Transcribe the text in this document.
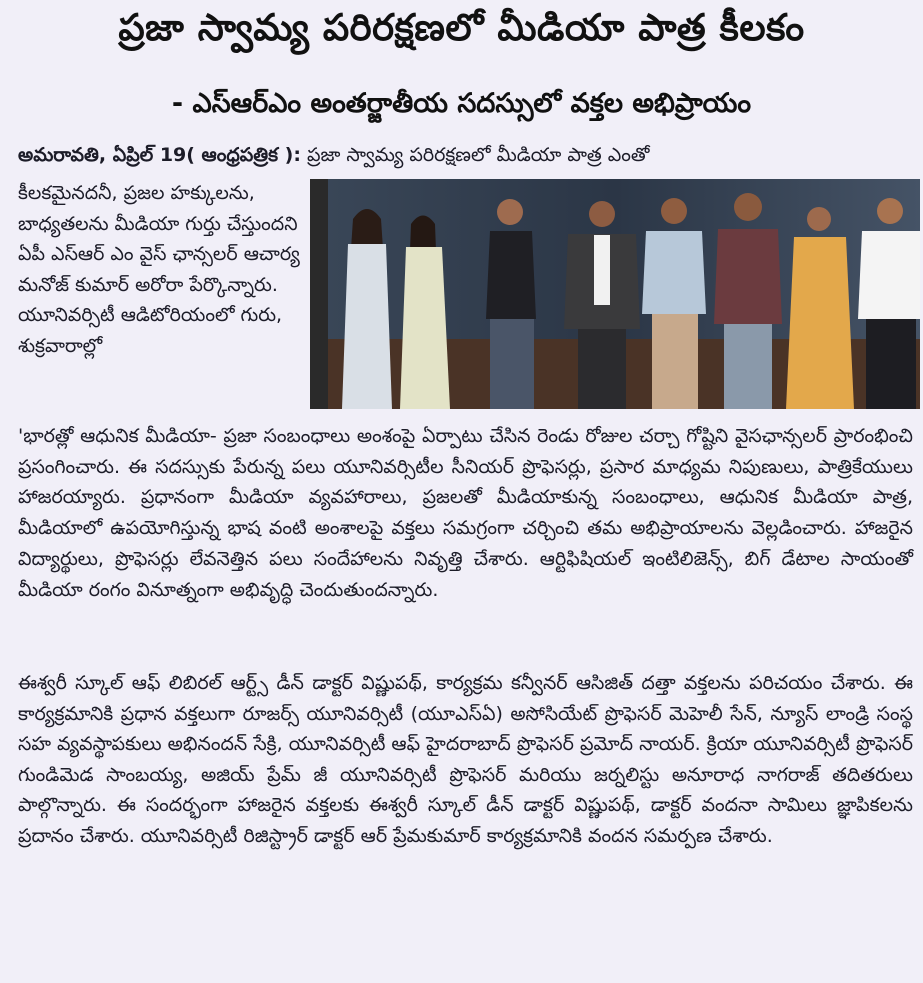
ప్రజా స్వామ్య పరిరక్షణలో మీడియా పాత్ర కీలకం
- ఎస్ఆర్ఎం అంతర్జాతీయ సదస్సులో వక్తల అభిప్రాయం
అమరావతి, ఏప్రిల్ 19( ఆంధ్రపత్రిక ): ప్రజా స్వామ్య పరిరక్షణలో మీడియా పాత్ర ఎంతో
కీలకమైనదనీ, ప్రజల హక్కులను, బాధ్యతలను మీడియా గుర్తు చేస్తుందని ఏపీ ఎస్ఆర్ ఎం వైస్ ఛాన్సలర్ ఆచార్య మనోజ్ కుమార్ అరోరా పేర్కొన్నారు. యూనివర్సిటీ ఆడిటోరియంలో గురు, శుక్రవారాల్లో
'భారత్లో ఆధునిక మీడియా- ప్రజా సంబంధాలు అంశంపై ఏర్పాటు చేసిన రెండు రోజుల చర్చా గోష్టిని వైసఛాన్సలర్ ప్రారంభించి ప్రసంగించారు. ఈ సదస్సుకు పేరున్న పలు యూనివర్సిటీల సీనియర్ ప్రొఫెసర్లు, ప్రసార మాధ్యమ నిపుణులు, పాత్రికేయులు హాజరయ్యారు. ప్రధానంగా మీడియా వ్యవహారాలు, ప్రజలతో మీడియాకున్న సంబంధాలు, ఆధునిక మీడియా పాత్ర, మీడియాలో ఉపయోగిస్తున్న భాష వంటి అంశాలపై వక్తలు సమగ్రంగా చర్చించి తమ అభిప్రాయాలను వెల్లడించారు. హాజరైన విద్యార్థులు, ప్రొఫెసర్లు లేవనెత్తిన పలు సందేహాలను నివృత్తి చేశారు. ఆర్టిఫిషియల్ ఇంటిలిజెన్స్, బిగ్ డేటాల సాయంతో మీడియా రంగం వినూత్నంగా అభివృద్ధి చెందుతుందన్నారు.
ఈశ్వరీ స్కూల్ ఆఫ్ లిబిరల్ ఆర్ట్స్ డీన్ డాక్టర్ విష్ణుపథ్, కార్యక్రమ కన్వీనర్ ఆసిజిత్ దత్తా వక్తలను పరిచయం చేశారు. ఈ కార్యక్రమానికి ప్రధాన వక్తలుగా రూజర్స్ యూనివర్సిటీ (యూఎస్ఏ) అసోసియేట్ ప్రొఫెసర్ మెహెలీ సేన్, న్యూస్ లాండ్రి సంస్థ సహ వ్యవస్థాపకులు అభినందన్ సేక్రి, యూనివర్సిటీ ఆఫ్ హైదరాబాద్ ప్రొఫెసర్ ప్రమోద్ నాయర్. క్రియా యూనివర్సిటీ ప్రొఫెసర్ గుండిమెడ సాంబయ్య, అజియ్ ప్రేమ్ జీ యూనివర్సిటీ ప్రొఫెసర్ మరియు జర్నలిస్టు అనూరాధ నాగరాజ్ తదితరులు పాల్గొన్నారు. ఈ సందర్భంగా హాజరైన వక్తలకు ఈశ్వరీ స్కూల్ డీన్ డాక్టర్ విష్ణుపథ్, డాక్టర్ వందనా సామిలు జ్ఞాపికలను ప్రదానం చేశారు. యూనివర్సిటీ రిజిస్ట్రార్ డాక్టర్ ఆర్ ప్రేమకుమార్ కార్యక్రమానికి వందన సమర్పణ చేశారు.
